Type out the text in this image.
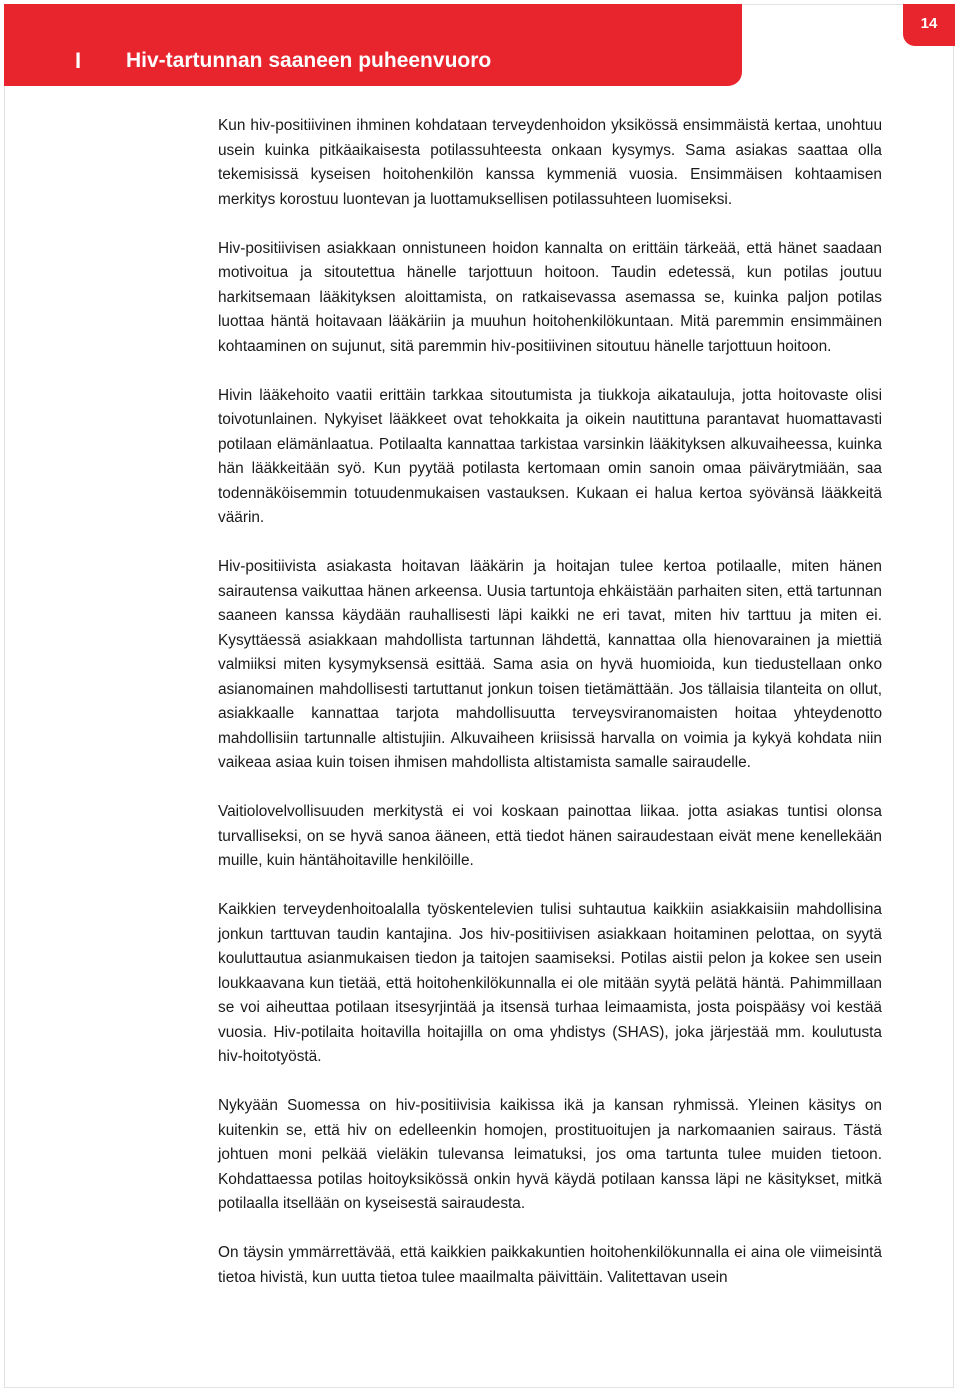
I Hiv-tartunnan saaneen puheenvuoro
14

Kun hiv-positiivinen ihminen kohdataan terveydenhoidon yksikössä ensimmäistä kertaa, unohtuu usein kuinka pitkäaikaisesta potilassuhteesta onkaan kysymys. Sama asiakas saattaa olla tekemisissä kyseisen hoitohenkilön kanssa kymmeniä vuosia. Ensimmäisen kohtaamisen merkitys korostuu luontevan ja luottamuksellisen potilassuhteen luomiseksi.

Hiv-positiivisen asiakkaan onnistuneen hoidon kannalta on erittäin tärkeää, että hänet saadaan motivoitua ja sitoutettua hänelle tarjottuun hoitoon. Taudin edetessä, kun potilas joutuu harkitsemaan lääkityksen aloittamista, on ratkaisevassa asemassa se, kuinka paljon potilas luottaa häntä hoitavaan lääkäriin ja muuhun hoitohenkilökuntaan. Mitä paremmin ensimmäinen kohtaaminen on sujunut, sitä paremmin hiv-positiivinen sitoutuu hänelle tarjottuun hoitoon.

Hivin lääkehoito vaatii erittäin tarkkaa sitoutumista ja tiukkoja aikatauluja, jotta hoitovaste olisi toivotunlainen. Nykyiset lääkkeet ovat tehokkaita ja oikein nautittuna parantavat huomattavasti potilaan elämänlaatua. Potilaalta kannattaa tarkistaa varsinkin lääkityksen alkuvaiheessa, kuinka hän lääkkeitään syö. Kun pyytää potilasta kertomaan omin sanoin omaa päivärytmiään, saa todennäköisemmin totuudenmukaisen vastauksen. Kukaan ei halua kertoa syövänsä lääkkeitä väärin.

Hiv-positiivista asiakasta hoitavan lääkärin ja hoitajan tulee kertoa potilaalle, miten hänen sairautensa vaikuttaa hänen arkeensa. Uusia tartuntoja ehkäistään parhaiten siten, että tartunnan saaneen kanssa käydään rauhallisesti läpi kaikki ne eri tavat, miten hiv tarttuu ja miten ei. Kysyttäessä asiakkaan mahdollista tartunnan lähdettä, kannattaa olla hienovarainen ja miettiä valmiiksi miten kysymyksensä esittää. Sama asia on hyvä huomioida, kun tiedustellaan onko asianomainen mahdollisesti tartuttanut jonkun toisen tietämättään. Jos tällaisia tilanteita on ollut, asiakkaalle kannattaa tarjota mahdollisuutta terveysviranomaisten hoitaa yhteydenotto mahdollisiin tartunnalle altistujiin. Alkuvaiheen kriisissä harvalla on voimia ja kykyä kohdata niin vaikeaa asiaa kuin toisen ihmisen mahdollista altistamista samalle sairaudelle.

Vaitiolovelvollisuuden merkitystä ei voi koskaan painottaa liikaa. jotta asiakas tuntisi olonsa turvalliseksi, on se hyvä sanoa ääneen, että tiedot hänen sairaudestaan eivät mene kenellekään muille, kuin häntähoitaville henkilöille.

Kaikkien terveydenhoitoalalla työskentelevien tulisi suhtautua kaikkiin asiakkaisiin mahdollisina jonkun tarttuvan taudin kantajina. Jos hiv-positiivisen asiakkaan hoitaminen pelottaa, on syytä kouluttautua asianmukaisen tiedon ja taitojen saamiseksi. Potilas aistii pelon ja kokee sen usein loukkaavana kun tietää, että hoitohenkilökunnalla ei ole mitään syytä pelätä häntä. Pahimmillaan se voi aiheuttaa potilaan itsesyrjintää ja itsensä turhaa leimaamista, josta poispääsy voi kestää vuosia. Hiv-potilaita hoitavilla hoitajilla on oma yhdistys (SHAS), joka järjestää mm. koulutusta hiv-hoitotyöstä.

Nykyään Suomessa on hiv-positiivisia kaikissa ikä ja kansan ryhmissä. Yleinen käsitys on kuitenkin se, että hiv on edelleenkin homojen, prostituoitujen ja narkomaanien sairaus. Tästä johtuen moni pelkää vieläkin tulevansa leimatuksi, jos oma tartunta tulee muiden tietoon. Kohdattaessa potilas hoitoyksikössä onkin hyvä käydä potilaan kanssa läpi ne käsitykset, mitkä potilaalla itsellään on kyseisestä sairaudesta.

On täysin ymmärrettävää, että kaikkien paikkakuntien hoitohenkilökunnalla ei aina ole viimeisintä tietoa hivistä, kun uutta tietoa tulee maailmalta päivittäin. Valitettavan usein
